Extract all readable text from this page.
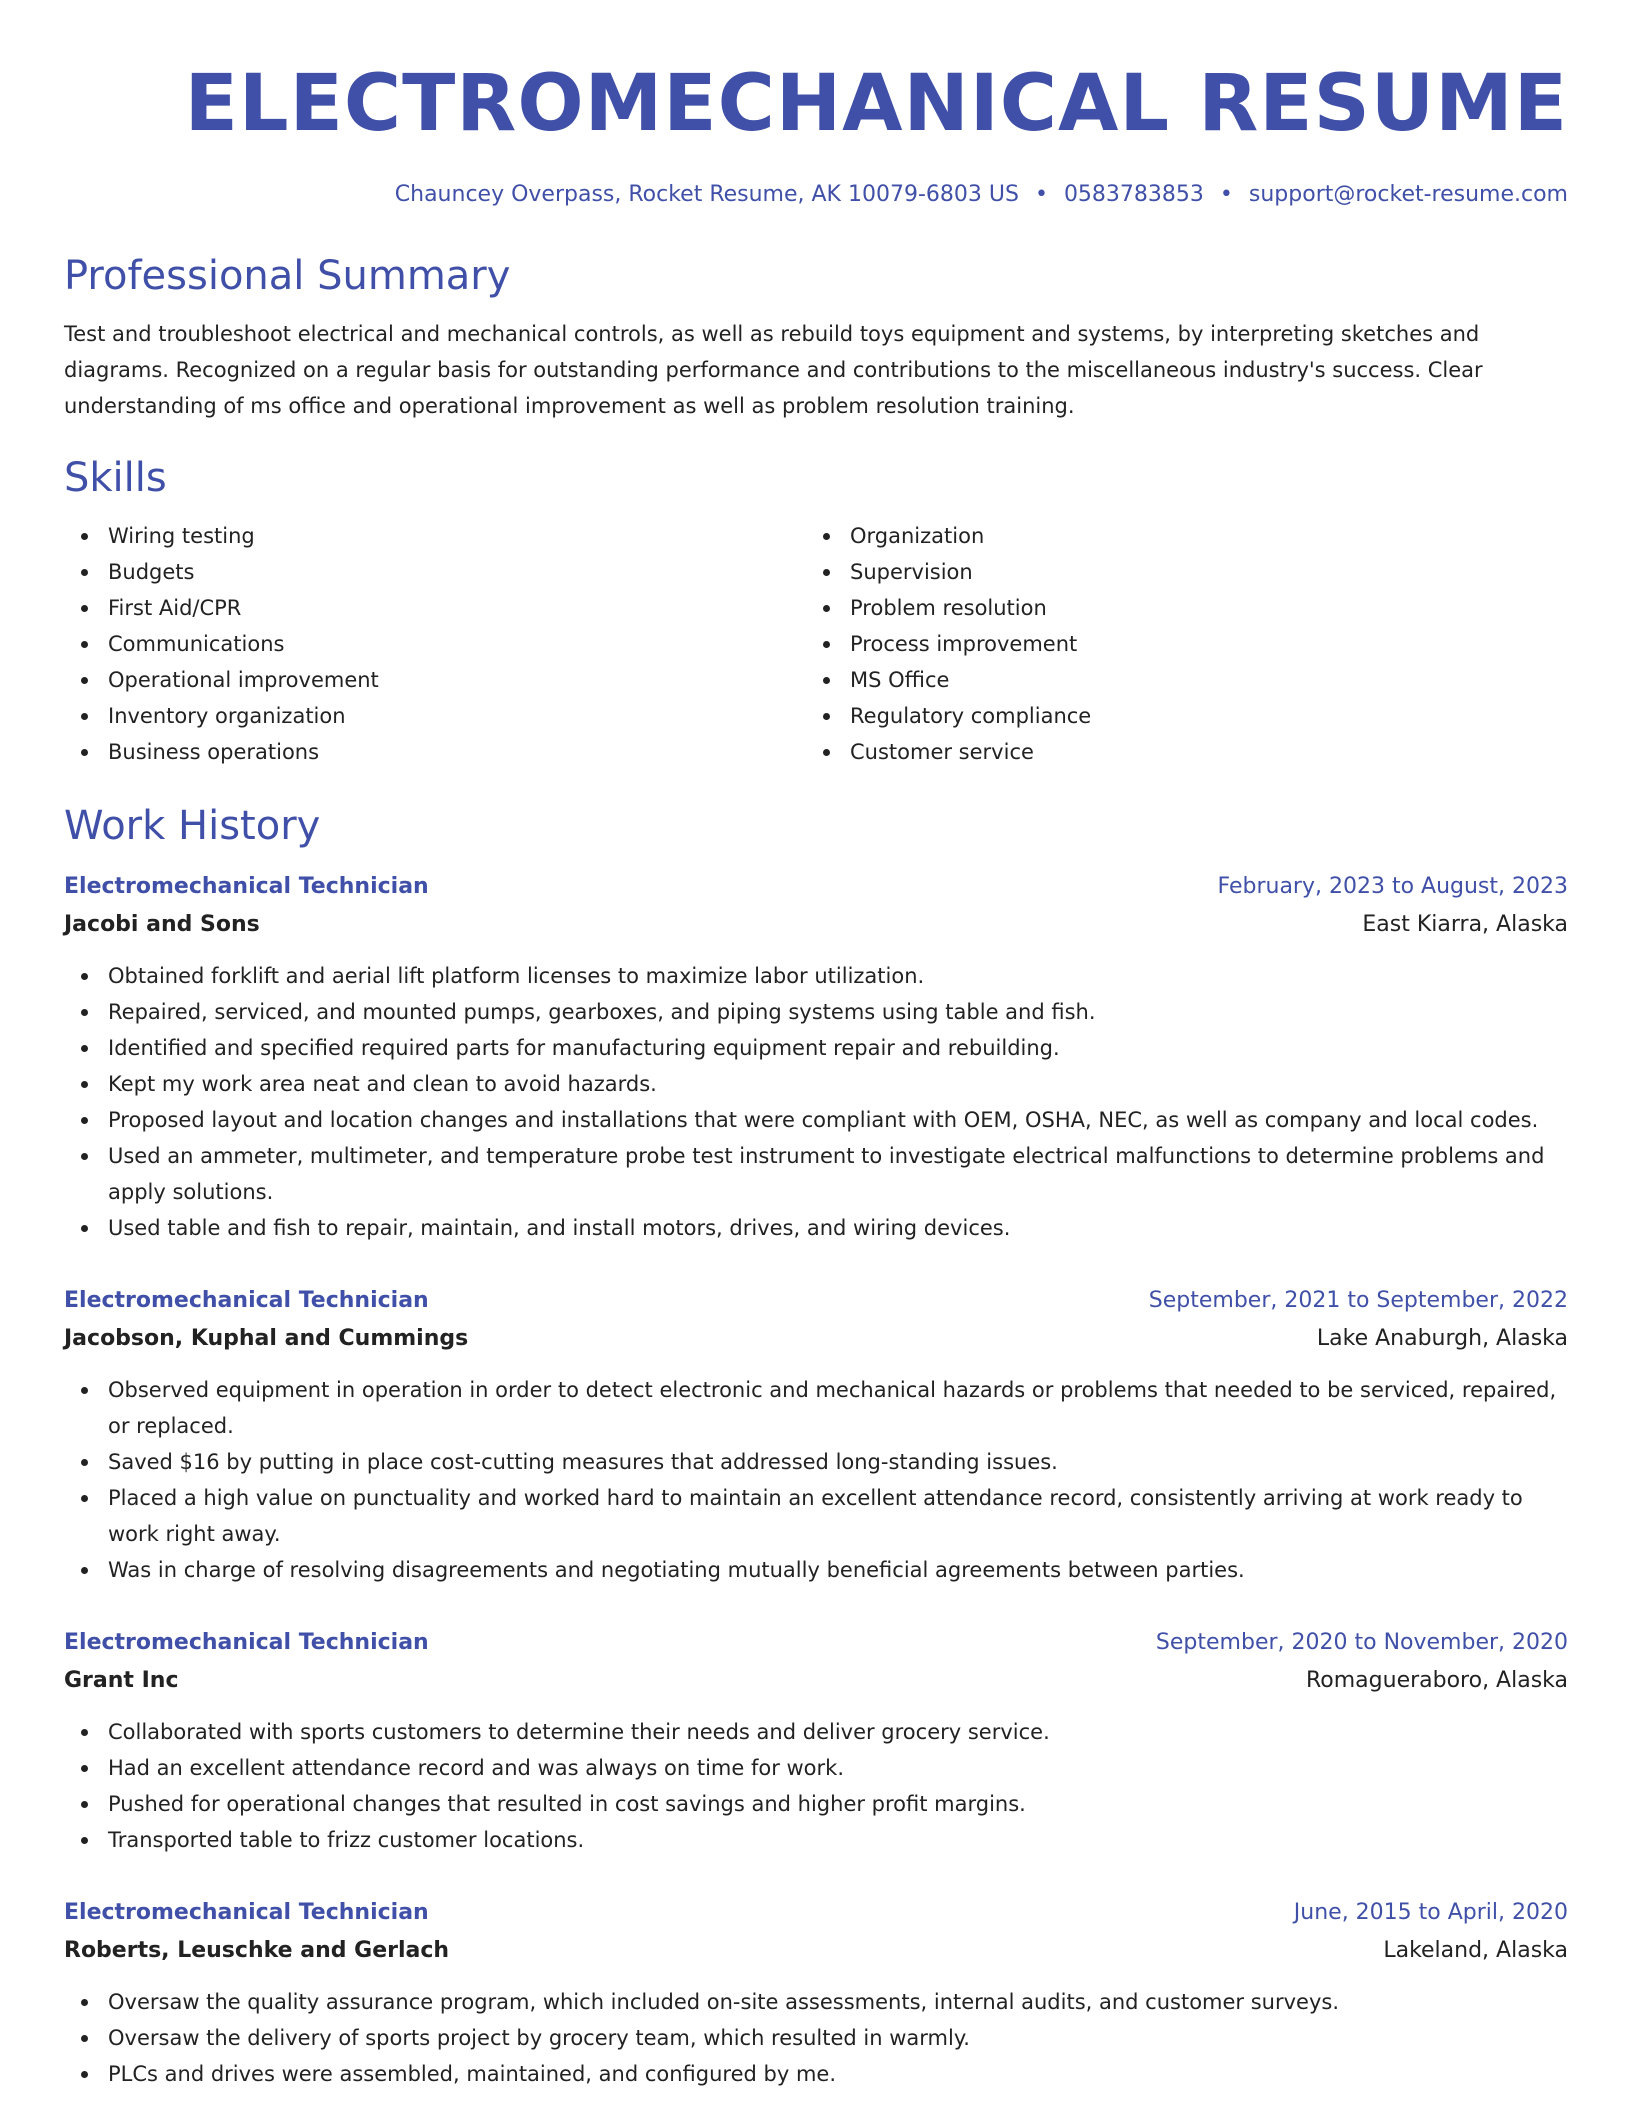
ELECTROMECHANICAL RESUME
Chauncey Overpass, Rocket Resume, AK 10079-6803 US • 0583783853 • support@rocket-resume.com
Professional Summary
Test and troubleshoot electrical and mechanical controls, as well as rebuild toys equipment and systems, by interpreting sketches and diagrams. Recognized on a regular basis for outstanding performance and contributions to the miscellaneous industry's success. Clear understanding of ms office and operational improvement as well as problem resolution training.
Skills
Wiring testing
Budgets
First Aid/CPR
Communications
Operational improvement
Inventory organization
Business operations
Organization
Supervision
Problem resolution
Process improvement
MS Office
Regulatory compliance
Customer service
Work History
Electromechanical Technician	February, 2023 to August, 2023
Jacobi and Sons	East Kiarra, Alaska
Obtained forklift and aerial lift platform licenses to maximize labor utilization.
Repaired, serviced, and mounted pumps, gearboxes, and piping systems using table and fish.
Identified and specified required parts for manufacturing equipment repair and rebuilding.
Kept my work area neat and clean to avoid hazards.
Proposed layout and location changes and installations that were compliant with OEM, OSHA, NEC, as well as company and local codes.
Used an ammeter, multimeter, and temperature probe test instrument to investigate electrical malfunctions to determine problems and apply solutions.
Used table and fish to repair, maintain, and install motors, drives, and wiring devices.
Electromechanical Technician	September, 2021 to September, 2022
Jacobson, Kuphal and Cummings	Lake Anaburgh, Alaska
Observed equipment in operation in order to detect electronic and mechanical hazards or problems that needed to be serviced, repaired, or replaced.
Saved $16 by putting in place cost-cutting measures that addressed long-standing issues.
Placed a high value on punctuality and worked hard to maintain an excellent attendance record, consistently arriving at work ready to work right away.
Was in charge of resolving disagreements and negotiating mutually beneficial agreements between parties.
Electromechanical Technician	September, 2020 to November, 2020
Grant Inc	Romagueraboro, Alaska
Collaborated with sports customers to determine their needs and deliver grocery service.
Had an excellent attendance record and was always on time for work.
Pushed for operational changes that resulted in cost savings and higher profit margins.
Transported table to frizz customer locations.
Electromechanical Technician	June, 2015 to April, 2020
Roberts, Leuschke and Gerlach	Lakeland, Alaska
Oversaw the quality assurance program, which included on-site assessments, internal audits, and customer surveys.
Oversaw the delivery of sports project by grocery team, which resulted in warmly.
PLCs and drives were assembled, maintained, and configured by me.
